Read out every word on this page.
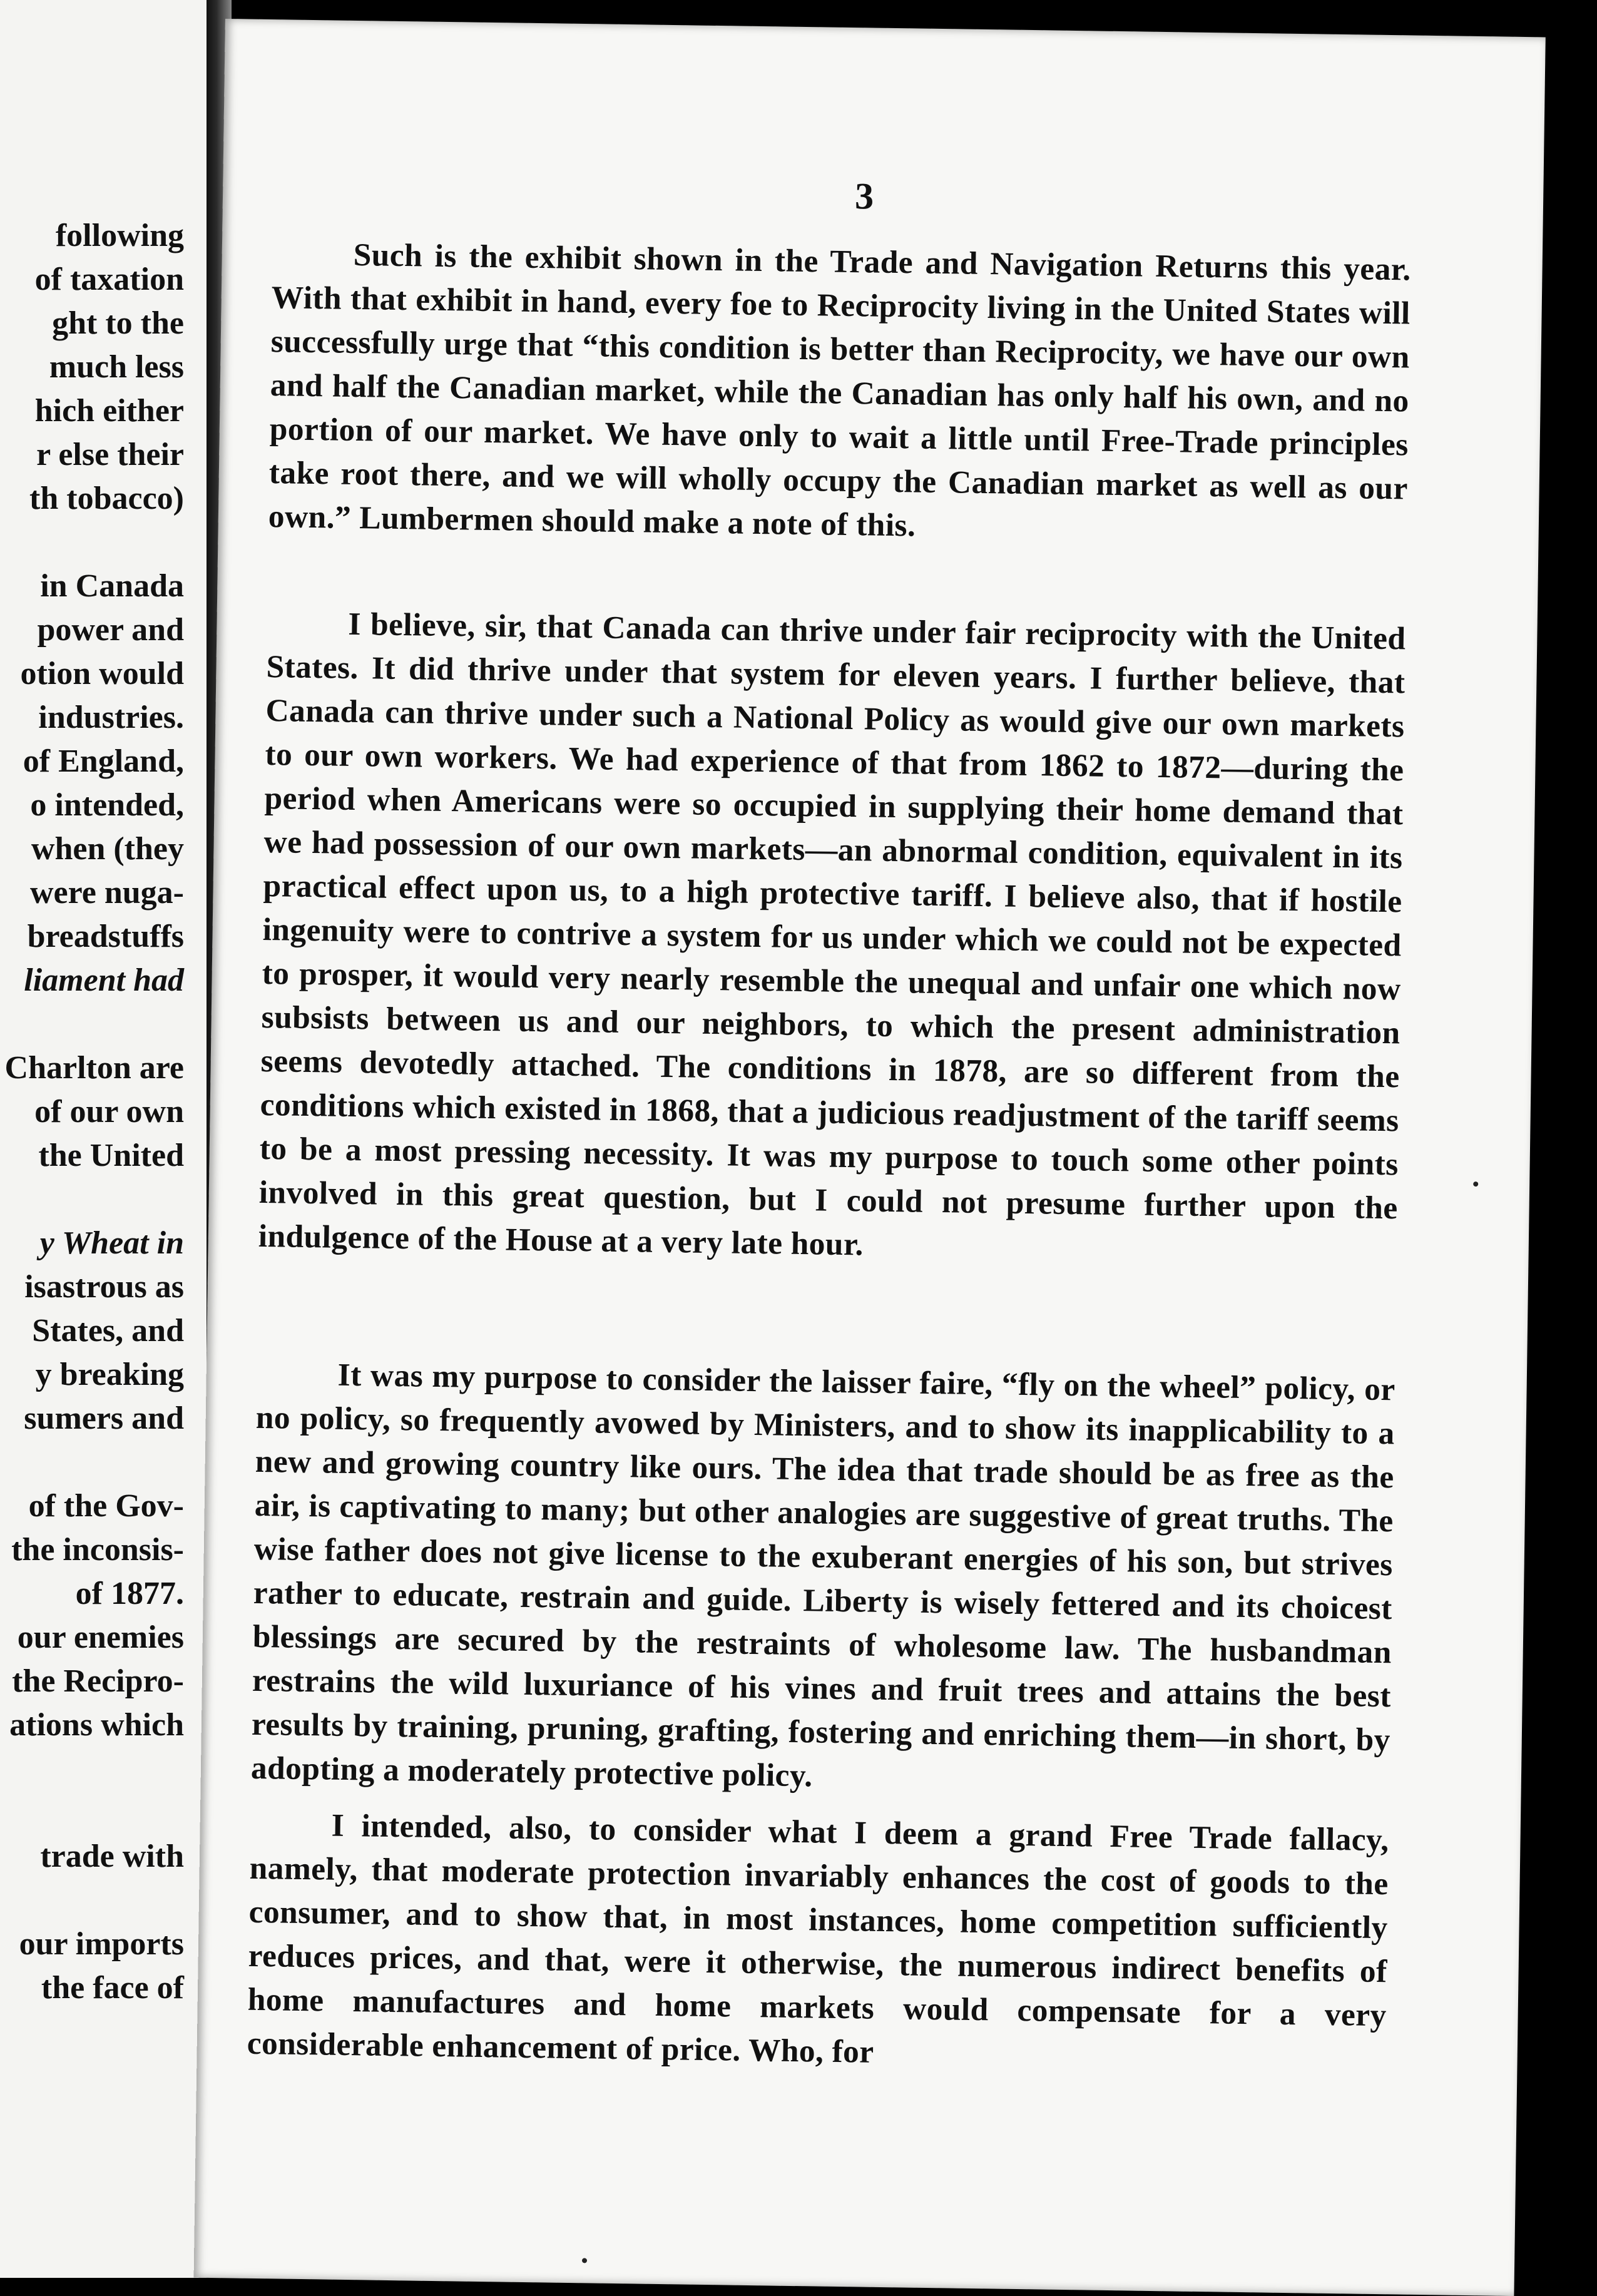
following
of taxation
ght to the
much less
hich either
r else their
th tobacco)
in Canada
power and
otion would
industries.
of England,
o intended,
when (they
were nuga-
breadstuffs
liament had
Charlton are
of our own
the United
y Wheat in
isastrous as
States, and
y breaking
sumers and
of the Gov-
the inconsis-
of 1877.
our enemies
the Recipro-
ations which
trade with
our imports
the face of
3
Such is the exhibit shown in the Trade and Navigation Returns this year. With that exhibit in hand, every foe to Reciprocity living in the United States will successfully urge that “this condition is better than Reciprocity, we have our own and half the Canadian market, while the Canadian has only half his own, and no portion of our market. We have only to wait a little until Free-Trade principles take root there, and we will wholly occupy the Canadian market as well as our own.” Lumbermen should make a note of this.
I believe, sir, that Canada can thrive under fair reciprocity with the United States. It did thrive under that system for eleven years. I further believe, that Canada can thrive under such a National Policy as would give our own markets to our own workers. We had experience of that from 1862 to 1872—during the period when Americans were so occupied in supplying their home demand that we had possession of our own markets—an abnormal condition, equivalent in its practical effect upon us, to a high protective tariff. I believe also, that if hostile ingenuity were to contrive a system for us under which we could not be expected to prosper, it would very nearly resemble the unequal and unfair one which now subsists between us and our neighbors, to which the present administration seems devotedly attached. The conditions in 1878, are so different from the conditions which existed in 1868, that a judicious readjustment of the tariff seems to be a most pressing necessity. It was my purpose to touch some other points involved in this great question, but I could not presume further upon the indulgence of the House at a very late hour.
It was my purpose to consider the laisser faire, “fly on the wheel” policy, or no policy, so frequently avowed by Ministers, and to show its inapplicability to a new and growing country like ours. The idea that trade should be as free as the air, is captivating to many; but other analogies are suggestive of great truths. The wise father does not give license to the exuberant energies of his son, but strives rather to educate, restrain and guide. Liberty is wisely fettered and its choicest blessings are secured by the restraints of wholesome law. The husbandman restrains the wild luxuriance of his vines and fruit trees and attains the best results by training, pruning, grafting, fostering and enriching them—in short, by adopting a moderately protective policy.
I intended, also, to consider what I deem a grand Free Trade fallacy, namely, that moderate protection invariably enhances the cost of goods to the consumer, and to show that, in most instances, home competition sufficiently reduces prices, and that, were it otherwise, the numerous indirect benefits of home manufactures and home markets would compensate for a very considerable enhancement of price. Who, for
